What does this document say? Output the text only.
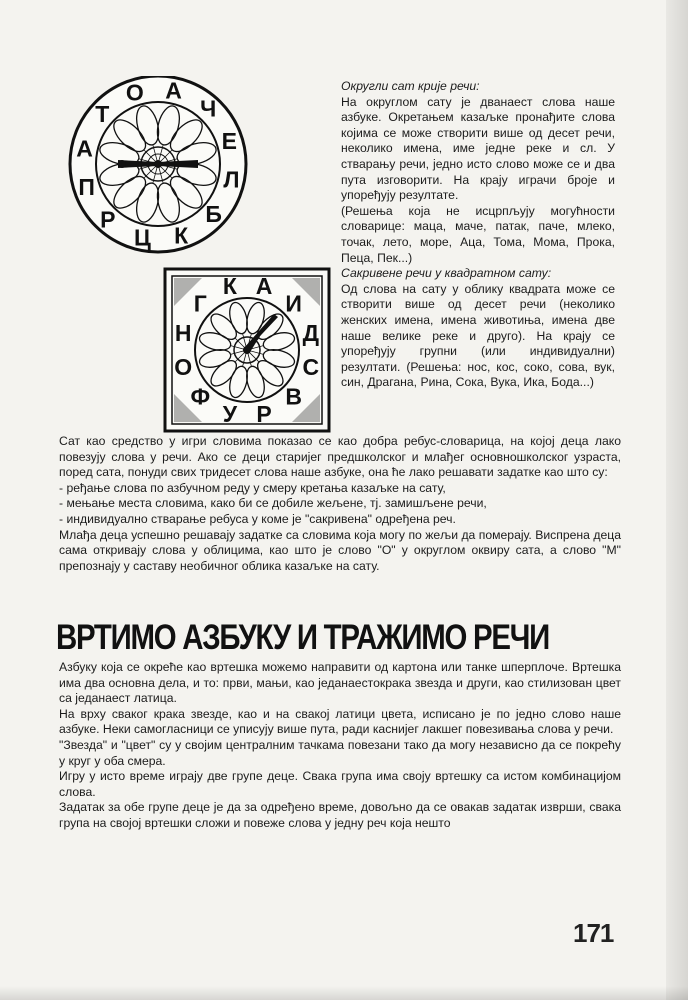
О А
Ч
Е
Л
Б
К
Ц
Р
П
А
Т
К А
И
Д
С
В
Р
У
Ф
О
Н
Г

Округли сат крије речи:

На округлом сату је дванаест слова наше азбуке. Окретањем казаљке пронађите слова којима се може створити више од десет речи, неколико имена, име једне реке и сл. У стварању речи, једно исто слово може се и два пута изговорити. На крају играчи броје и упоређују резултате.

(Решења која не исцрпљују могућности словарице: маца, маче, патак, паче, млеко, точак, лето, море, Аца, Тома, Мома, Прока, Пеца, Пек...)

Сакривене речи у квадратном сату:

Од слова на сату у облику квадрата може се створити више од десет речи (неколико женских имена, имена животиња, имена две наше велике реке и друго). На крају се упоређују групни (или индивидуални) резултати. (Решења: нос, кос, соко, сова, вук, син, Драгана, Рина, Сока, Вукa, Ика, Бода...)

Сат као средство у игри словима показао се као добра ребус-словарица, на којој деца лако повезују слова у речи. Ако се деци старијег предшколског и млађег основношколског узраста, поред сата, понуди свих тридесет слова наше азбуке, она ће лако решавати задатке као што су:

- ређање слова по азбучном реду у смеру кретања казаљке на сату,

- мењање места словима, како би се добиле жељене, тј. замишљене речи,

- индивидуално стварање ребуса у коме је "сакривена" одређена реч.

Млађа деца успешно решавају задатке са словима која могу по жељи да померају. Виспрена деца сама откривају слова у облицима, као што је слово "О" у округлом оквиру сата, а слово "М" препознају у саставу необичног облика казаљке на сату.

ВРТИМО АЗБУКУ И ТРАЖИМО РЕЧИ

Азбуку која се окреће као вртешка можемо направити од картона или танке шперплоче. Вртешка има два основна дела, и то: први, мањи, као једанаестокрака звезда и други, као стилизован цвет са једанаест латица.

На врху сваког крака звезде, као и на свакој латици цвета, исписано је по једно слово наше азбуке. Неки самогласници се уписују више пута, ради каснијег лакшег повезивања слова у речи.

"Звезда" и "цвет" су у својим централним тачкама повезани тако да могу независно да се покрећу у круг у оба смера.

Игру у исто време играју две групе деце. Свака група има своју вртешку са истом комбинацијом слова.

Задатак за обе групе деце је да за одређено време, довољно да се овакав задатак изврши, свака група на својој вртешки сложи и повеже слова у једну реч која нешто

171
